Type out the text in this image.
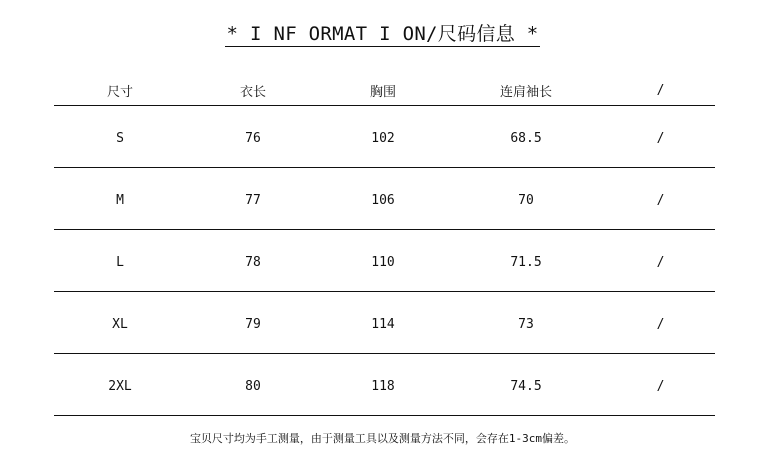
* I NF ORMAT I ON/尺码信息 *
尺寸	衣长	胸围	连肩袖长	/
S	76	102	68.5	/
M	77	106	70	/
L	78	110	71.5	/
XL	79	114	73	/
2XL	80	118	74.5	/
宝贝尺寸均为手工测量，由于测量工具以及测量方法不同，会存在1-3cm偏差。
